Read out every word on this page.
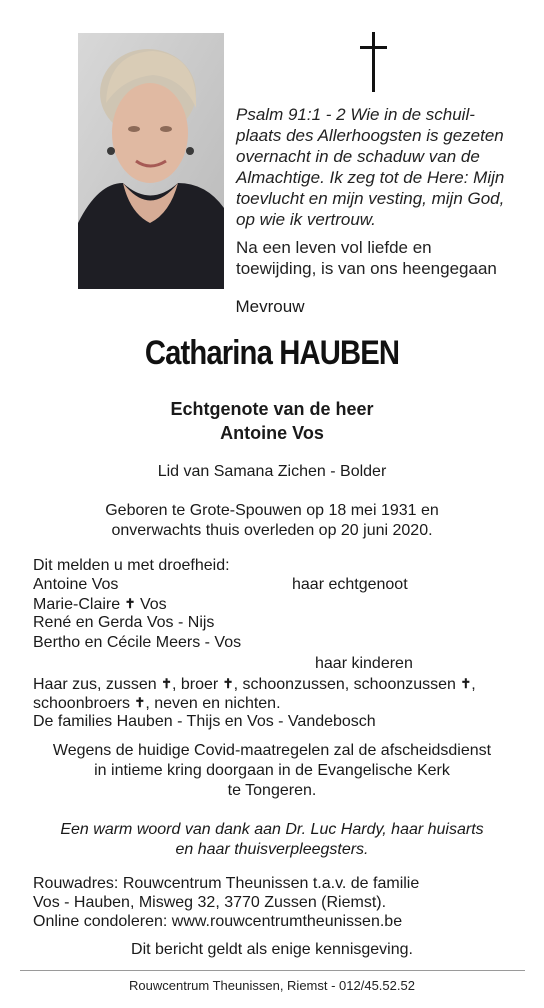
Psalm 91:1 - 2 Wie in de schuil-
plaats des Allerhoogsten is gezeten
overnacht in de schaduw van de
Almachtige. Ik zeg tot de Here: Mijn
toevlucht en mijn vesting, mijn God,
op wie ik vertrouw.
Na een leven vol liefde en
toewijding, is van ons heengegaan
Mevrouw
Catharina HAUBEN
Echtgenote van de heer
Antoine Vos
Lid van Samana Zichen - Bolder
Geboren te Grote-Spouwen op 18 mei 1931 en
onverwachts thuis overleden op 20 juni 2020.
Dit melden u met droefheid:
Antoine Vos	haar echtgenoot
Marie-Claire ✝ Vos
René en Gerda Vos - Nijs
Bertho en Cécile Meers - Vos
haar kinderen
Haar zus, zussen ✝, broer ✝, schoonzussen, schoonzussen ✝,
schoonbroers ✝, neven en nichten.
De families Hauben - Thijs en Vos - Vandebosch
Wegens de huidige Covid-maatregelen zal de afscheidsdienst
in intieme kring doorgaan in de Evangelische Kerk
te Tongeren.
Een warm woord van dank aan Dr. Luc Hardy, haar huisarts
en haar thuisverpleegsters.
Rouwadres: Rouwcentrum Theunissen t.a.v. de familie
Vos - Hauben, Misweg 32, 3770 Zussen (Riemst).
Online condoleren: www.rouwcentrumtheunissen.be
Dit bericht geldt als enige kennisgeving.
Rouwcentrum Theunissen, Riemst - 012/45.52.52
